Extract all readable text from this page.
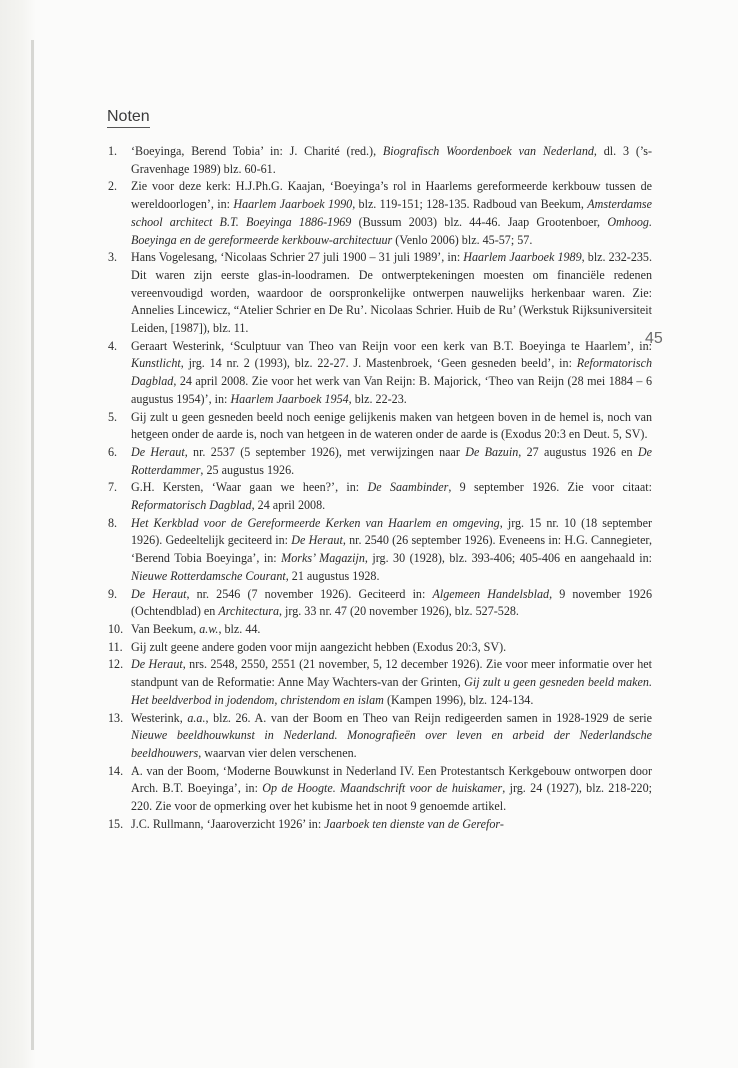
Noten
45
1. ‘Boeyinga, Berend Tobia’ in: J. Charité (red.), Biografisch Woordenboek van Nederland, dl. 3 (’s-Gravenhage 1989) blz. 60-61.
2. Zie voor deze kerk: H.J.Ph.G. Kaajan, ‘Boeyinga’s rol in Haarlems gereformeerde kerkbouw tussen de wereldoorlogen’, in: Haarlem Jaarboek 1990, blz. 119-151; 128-135. Radboud van Beekum, Amsterdamse school architect B.T. Boeyinga 1886-1969 (Bussum 2003) blz. 44-46. Jaap Grootenboer, Omhoog. Boeyinga en de gereformeerde kerkbouw-architectuur (Venlo 2006) blz. 45-57; 57.
3. Hans Vogelesang, ‘Nicolaas Schrier 27 juli 1900 – 31 juli 1989’, in: Haarlem Jaarboek 1989, blz. 232-235. Dit waren zijn eerste glas-in-loodramen. De ontwerptekeningen moesten om financiële redenen vereenvoudigd worden, waardoor de oorspronkelijke ontwerpen nauwelijks herkenbaar waren. Zie: Annelies Lincewicz, “Atelier Schrier en De Ru’. Nicolaas Schrier. Huib de Ru’ (Werkstuk Rijksuniversiteit Leiden, [1987]), blz. 11.
4. Geraart Westerink, ‘Sculptuur van Theo van Reijn voor een kerk van B.T. Boeyinga te Haarlem’, in: Kunstlicht, jrg. 14 nr. 2 (1993), blz. 22-27. J. Mastenbroek, ‘Geen gesneden beeld’, in: Reformatorisch Dagblad, 24 april 2008. Zie voor het werk van Van Reijn: B. Majorick, ‘Theo van Reijn (28 mei 1884 – 6 augustus 1954)’, in: Haarlem Jaarboek 1954, blz. 22-23.
5. Gij zult u geen gesneden beeld noch eenige gelijkenis maken van hetgeen boven in de hemel is, noch van hetgeen onder de aarde is, noch van hetgeen in de wateren onder de aarde is (Exodus 20:3 en Deut. 5, SV).
6. De Heraut, nr. 2537 (5 september 1926), met verwijzingen naar De Bazuin, 27 augustus 1926 en De Rotterdammer, 25 augustus 1926.
7. G.H. Kersten, ‘Waar gaan we heen?’, in: De Saambinder, 9 september 1926. Zie voor citaat: Reformatorisch Dagblad, 24 april 2008.
8. Het Kerkblad voor de Gereformeerde Kerken van Haarlem en omgeving, jrg. 15 nr. 10 (18 september 1926). Gedeeltelijk geciteerd in: De Heraut, nr. 2540 (26 september 1926). Eveneens in: H.G. Cannegieter, ‘Berend Tobia Boeyinga’, in: Morks’ Magazijn, jrg. 30 (1928), blz. 393-406; 405-406 en aangehaald in: Nieuwe Rotterdamsche Courant, 21 augustus 1928.
9. De Heraut, nr. 2546 (7 november 1926). Geciteerd in: Algemeen Handelsblad, 9 november 1926 (Ochtendblad) en Architectura, jrg. 33 nr. 47 (20 november 1926), blz. 527-528.
10. Van Beekum, a.w., blz. 44.
11. Gij zult geene andere goden voor mijn aangezicht hebben (Exodus 20:3, SV).
12. De Heraut, nrs. 2548, 2550, 2551 (21 november, 5, 12 december 1926). Zie voor meer informatie over het standpunt van de Reformatie: Anne May Wachters-van der Grinten, Gij zult u geen gesneden beeld maken. Het beeldverbod in jodendom, christendom en islam (Kampen 1996), blz. 124-134.
13. Westerink, a.a., blz. 26. A. van der Boom en Theo van Reijn redigeerden samen in 1928-1929 de serie Nieuwe beeldhouwkunst in Nederland. Monografieën over leven en arbeid der Nederlandsche beeldhouwers, waarvan vier delen verschenen.
14. A. van der Boom, ‘Moderne Bouwkunst in Nederland IV. Een Protestantsch Kerkgebouw ontworpen door Arch. B.T. Boeyinga’, in: Op de Hoogte. Maandschrift voor de huiskamer, jrg. 24 (1927), blz. 218-220; 220. Zie voor de opmerking over het kubisme het in noot 9 genoemde artikel.
15. J.C. Rullmann, ‘Jaaroverzicht 1926’ in: Jaarboek ten dienste van de Gerefor-
